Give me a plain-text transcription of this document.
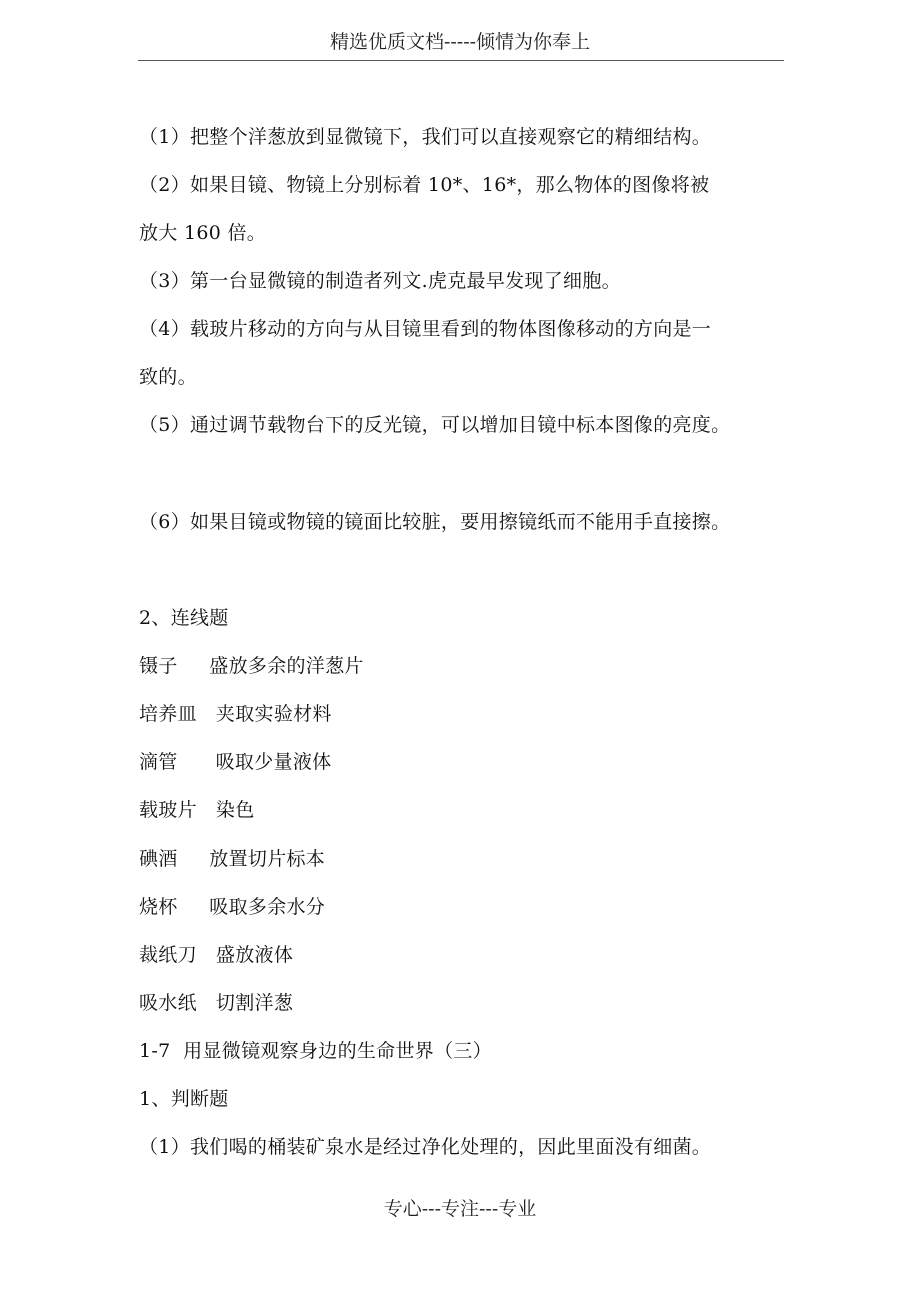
精选优质文档-----倾情为你奉上
（1）把整个洋葱放到显微镜下，我们可以直接观察它的精细结构。
（2）如果目镜、物镜上分别标着 10*、16*，那么物体的图像将被
放大 160 倍。
（3）第一台显微镜的制造者列文.虎克最早发现了细胞。
（4）载玻片移动的方向与从目镜里看到的物体图像移动的方向是一
致的。
（5）通过调节载物台下的反光镜，可以增加目镜中标本图像的亮度。
（6）如果目镜或物镜的镜面比较脏，要用擦镜纸而不能用手直接擦。
2、连线题
镊子     盛放多余的洋葱片
培养皿   夹取实验材料
滴管      吸取少量液体
载玻片   染色
碘酒     放置切片标本
烧杯     吸取多余水分
裁纸刀   盛放液体
吸水纸   切割洋葱
1-7  用显微镜观察身边的生命世界（三）
1、判断题
（1）我们喝的桶装矿泉水是经过净化处理的，因此里面没有细菌。
专心---专注---专业
